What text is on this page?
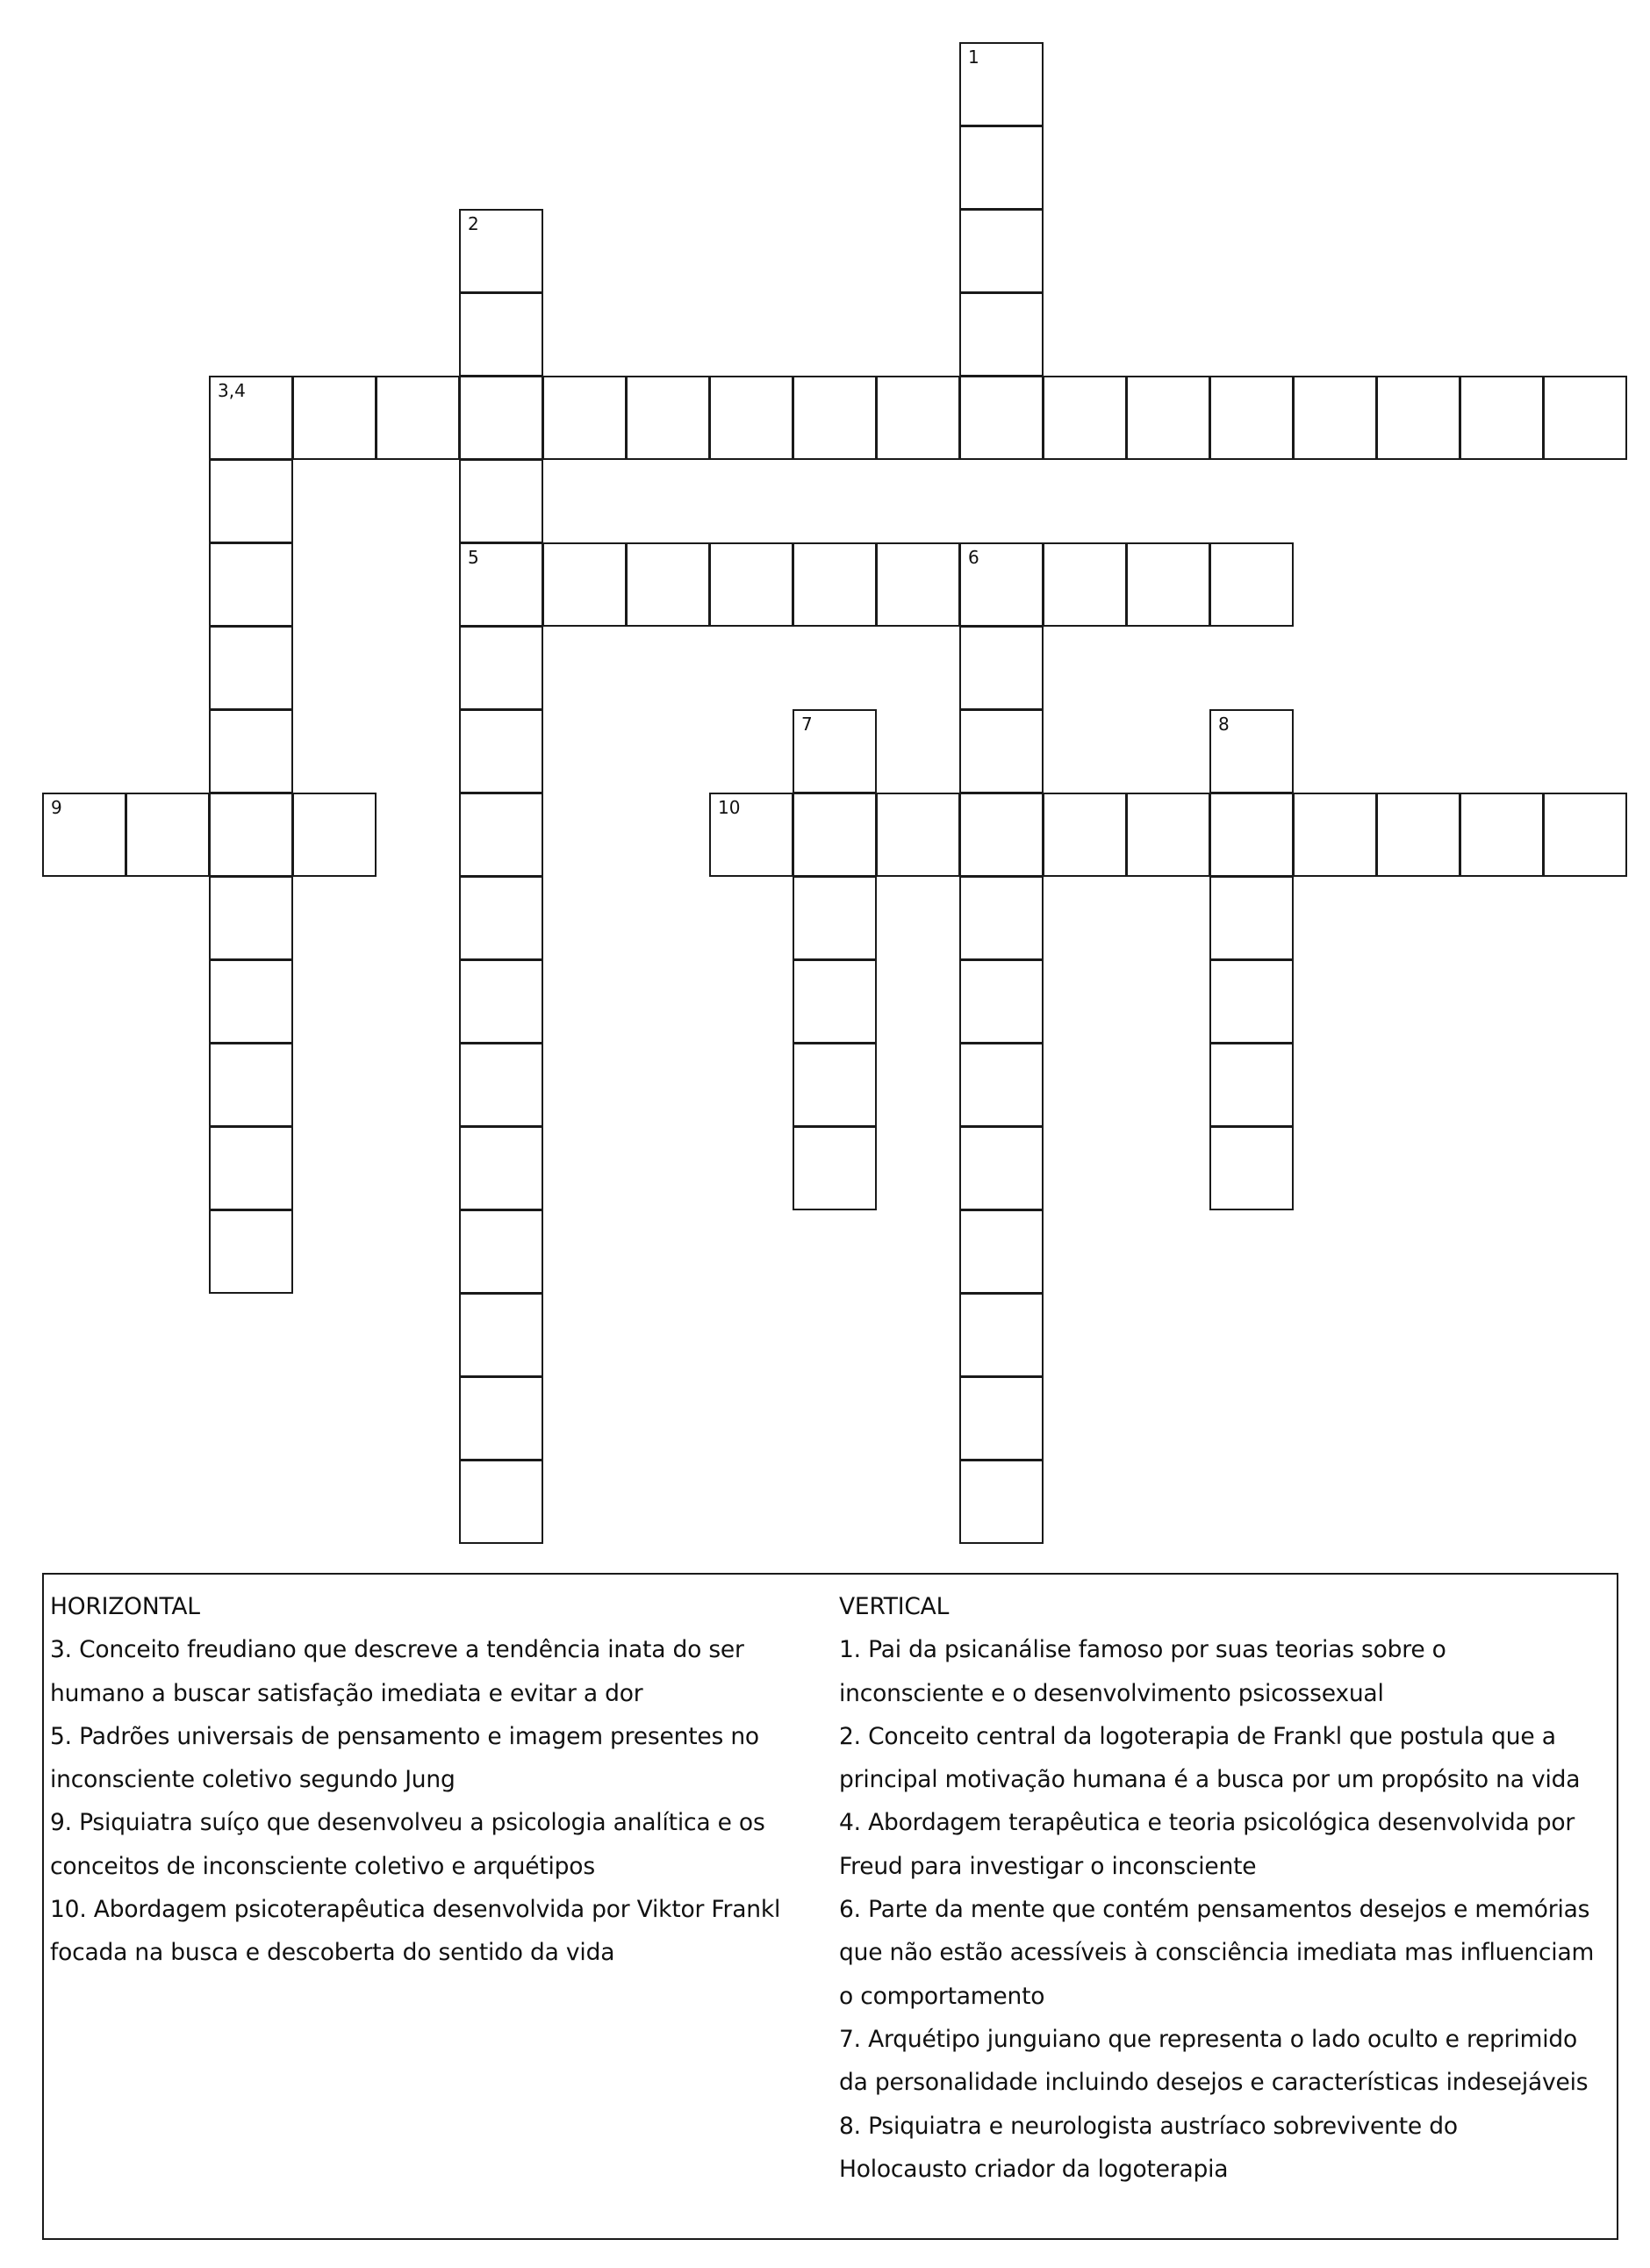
1
2
5
3,4
6
7	8
9	10
HORIZONTAL
3. Conceito freudiano que descreve a tendência inata do ser
humano a buscar satisfação imediata e evitar a dor
5. Padrões universais de pensamento e imagem presentes no
inconsciente coletivo segundo Jung
9. Psiquiatra suíço que desenvolveu a psicologia analítica e os
conceitos de inconsciente coletivo e arquétipos
10. Abordagem psicoterapêutica desenvolvida por Viktor Frankl
focada na busca e descoberta do sentido da vida
VERTICAL
1. Pai da psicanálise famoso por suas teorias sobre o
inconsciente e o desenvolvimento psicossexual
2. Conceito central da logoterapia de Frankl que postula que a
principal motivação humana é a busca por um propósito na vida
4. Abordagem terapêutica e teoria psicológica desenvolvida por
Freud para investigar o inconsciente
6. Parte da mente que contém pensamentos desejos e memórias
que não estão acessíveis à consciência imediata mas influenciam
o comportamento
7. Arquétipo junguiano que representa o lado oculto e reprimido
da personalidade incluindo desejos e características indesejáveis
8. Psiquiatra e neurologista austríaco sobrevivente do
Holocausto criador da logoterapia
